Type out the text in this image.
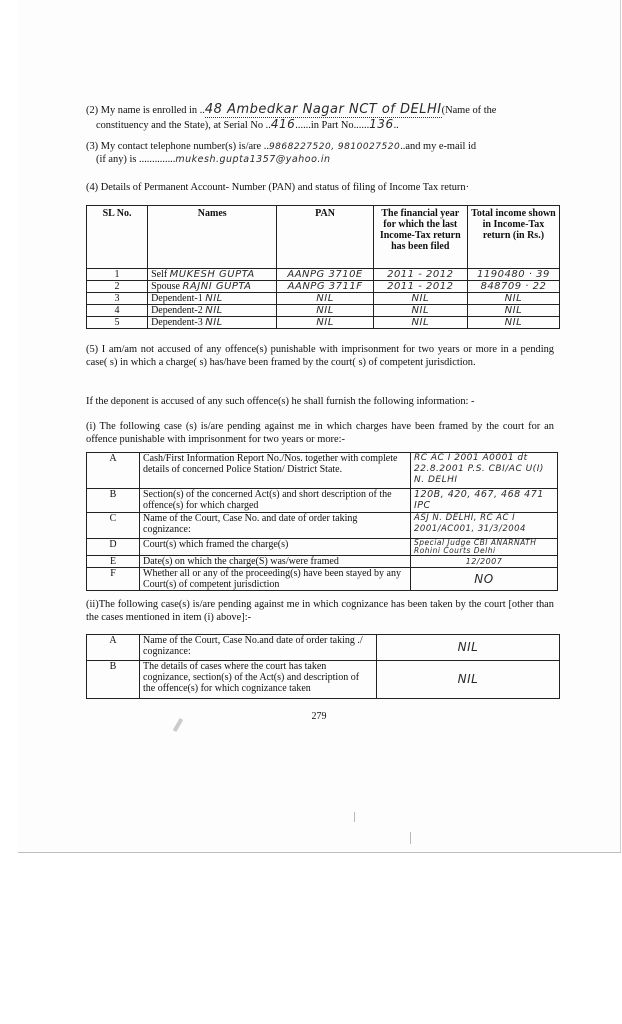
(2) My name is enrolled in ..48 Ambedkar Nagar NCT of DELHI(Name of the
constituency and the State), at Serial No ..416......in Part No......136..
(3) My contact telephone number(s) is/are ..9868227520, 9810027520..and my e-mail id
(if any) is ..............mukesh.gupta1357@yahoo.in
(4) Details of Permanent Account- Number (PAN) and status of filing of Income Tax return·
SL No.	Names	PAN	The financial year for which the last Income-Tax return has been filed	Total income shown in Income-Tax return (in Rs.)
1	Self MUKESH GUPTA	AANPG 3710E	2011 - 2012	1190480 · 39
2	Spouse RAJNI GUPTA	AANPG 3711F	2011 - 2012	848709 · 22
3	Dependent-1 NIL	NIL	NIL	NIL
4	Dependent-2 NIL	NIL	NIL	NIL
5	Dependent-3 NIL	NIL	NIL	NIL
(5) I am/am not accused of any offence(s) punishable with imprisonment for two years or more in a pending case( s) in which a charge( s) has/have been framed by the court( s) of competent jurisdiction.
If the deponent is accused of any such offence(s) he shall furnish the following information: -
(i) The following case (s) is/are pending against me in which charges have been framed by the court for an offence punishable with imprisonment for two years or more:-
A	Cash/First Information Report No./Nos. together with complete details of concerned Police Station/ District State.	RC AC I 2001 A0001 dt 22.8.2001 P.S. CBI/AC U(I) N. DELHI
B	Section(s) of the concerned Act(s) and short description of the offence(s) for which charged	120B, 420, 467, 468 471 IPC
C	Name of the Court, Case No. and date of order taking cognizance:	ASJ N. DELHI, RC AC I 2001/AC001, 31/3/2004
D	Court(s) which framed the charge(s)	Special Judge CBI ANARNATH Rohini Courts Delhi
E	Date(s) on which the charge(S) was/were framed	12/2007
F	Whether all or any of the proceeding(s) have been stayed by any Court(s) of competent jurisdiction	NO
(ii)The following case(s) is/are pending against me in which cognizance has been taken by the court [other than the cases mentioned in item (i) above]:-
A	Name of the Court, Case No.and date of order taking ./ cognizance:	NIL
B	The details of cases where the court has taken cognizance, section(s) of the Act(s) and description of the offence(s) for which cognizance taken	NIL
279
